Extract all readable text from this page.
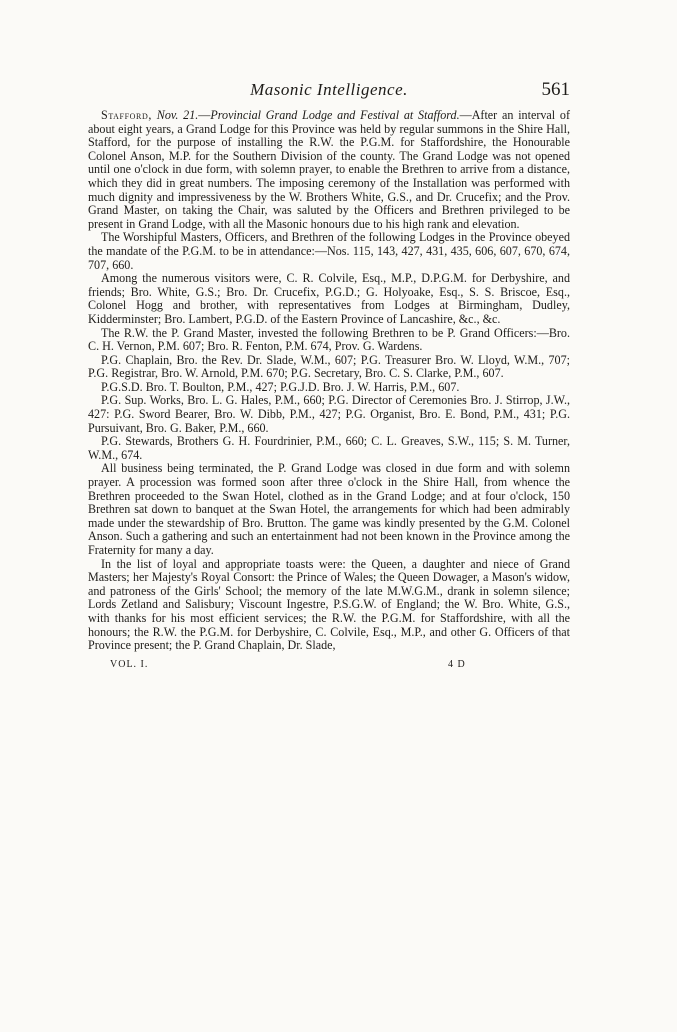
Masonic Intelligence.	561

Stafford, Nov. 21.—Provincial Grand Lodge and Festival at Stafford.—After an interval of about eight years, a Grand Lodge for this Province was held by regular summons in the Shire Hall, Stafford, for the purpose of installing the R.W. the P.G.M. for Staffordshire, the Honourable Colonel Anson, M.P. for the Southern Division of the county. The Grand Lodge was not opened until one o'clock in due form, with solemn prayer, to enable the Brethren to arrive from a distance, which they did in great numbers. The imposing ceremony of the Installation was performed with much dignity and impressiveness by the W. Brothers White, G.S., and Dr. Crucefix; and the Prov. Grand Master, on taking the Chair, was saluted by the Officers and Brethren privileged to be present in Grand Lodge, with all the Masonic honours due to his high rank and elevation.

The Worshipful Masters, Officers, and Brethren of the following Lodges in the Province obeyed the mandate of the P.G.M. to be in attendance:—Nos. 115, 143, 427, 431, 435, 606, 607, 670, 674, 707, 660.

Among the numerous visitors were, C. R. Colvile, Esq., M.P., D.P.G.M. for Derbyshire, and friends; Bro. White, G.S.; Bro. Dr. Crucefix, P.G.D.; G. Holyoake, Esq., S. S. Briscoe, Esq., Colonel Hogg and brother, with representatives from Lodges at Birmingham, Dudley, Kidderminster; Bro. Lambert, P.G.D. of the Eastern Province of Lancashire, &c., &c.

The R.W. the P. Grand Master, invested the following Brethren to be P. Grand Officers:—Bro. C. H. Vernon, P.M. 607; Bro. R. Fenton, P.M. 674, Prov. G. Wardens.

P.G. Chaplain, Bro. the Rev. Dr. Slade, W.M., 607; P.G. Treasurer Bro. W. Lloyd, W.M., 707; P.G. Registrar, Bro. W. Arnold, P.M. 670; P.G. Secretary, Bro. C. S. Clarke, P.M., 607.

P.G.S.D. Bro. T. Boulton, P.M., 427; P.G.J.D. Bro. J. W. Harris, P.M., 607.

P.G. Sup. Works, Bro. L. G. Hales, P.M., 660; P.G. Director of Ceremonies Bro. J. Stirrop, J.W., 427: P.G. Sword Bearer, Bro. W. Dibb, P.M., 427; P.G. Organist, Bro. E. Bond, P.M., 431; P.G. Pursuivant, Bro. G. Baker, P.M., 660.

P.G. Stewards, Brothers G. H. Fourdrinier, P.M., 660; C. L. Greaves, S.W., 115; S. M. Turner, W.M., 674.

All business being terminated, the P. Grand Lodge was closed in due form and with solemn prayer. A procession was formed soon after three o'clock in the Shire Hall, from whence the Brethren proceeded to the Swan Hotel, clothed as in the Grand Lodge; and at four o'clock, 150 Brethren sat down to banquet at the Swan Hotel, the arrangements for which had been admirably made under the stewardship of Bro. Brutton. The game was kindly presented by the G.M. Colonel Anson. Such a gathering and such an entertainment had not been known in the Province among the Fraternity for many a day.

In the list of loyal and appropriate toasts were: the Queen, a daughter and niece of Grand Masters; her Majesty's Royal Consort: the Prince of Wales; the Queen Dowager, a Mason's widow, and patroness of the Girls' School; the memory of the late M.W.G.M., drank in solemn silence; Lords Zetland and Salisbury; Viscount Ingestre, P.S.G.W. of England; the W. Bro. White, G.S., with thanks for his most efficient services; the R.W. the P.G.M. for Staffordshire, with all the honours; the R.W. the P.G.M. for Derbyshire, C. Colvile, Esq., M.P., and other G. Officers of that Province present; the P. Grand Chaplain, Dr. Slade,

VOL. I.	4 D
